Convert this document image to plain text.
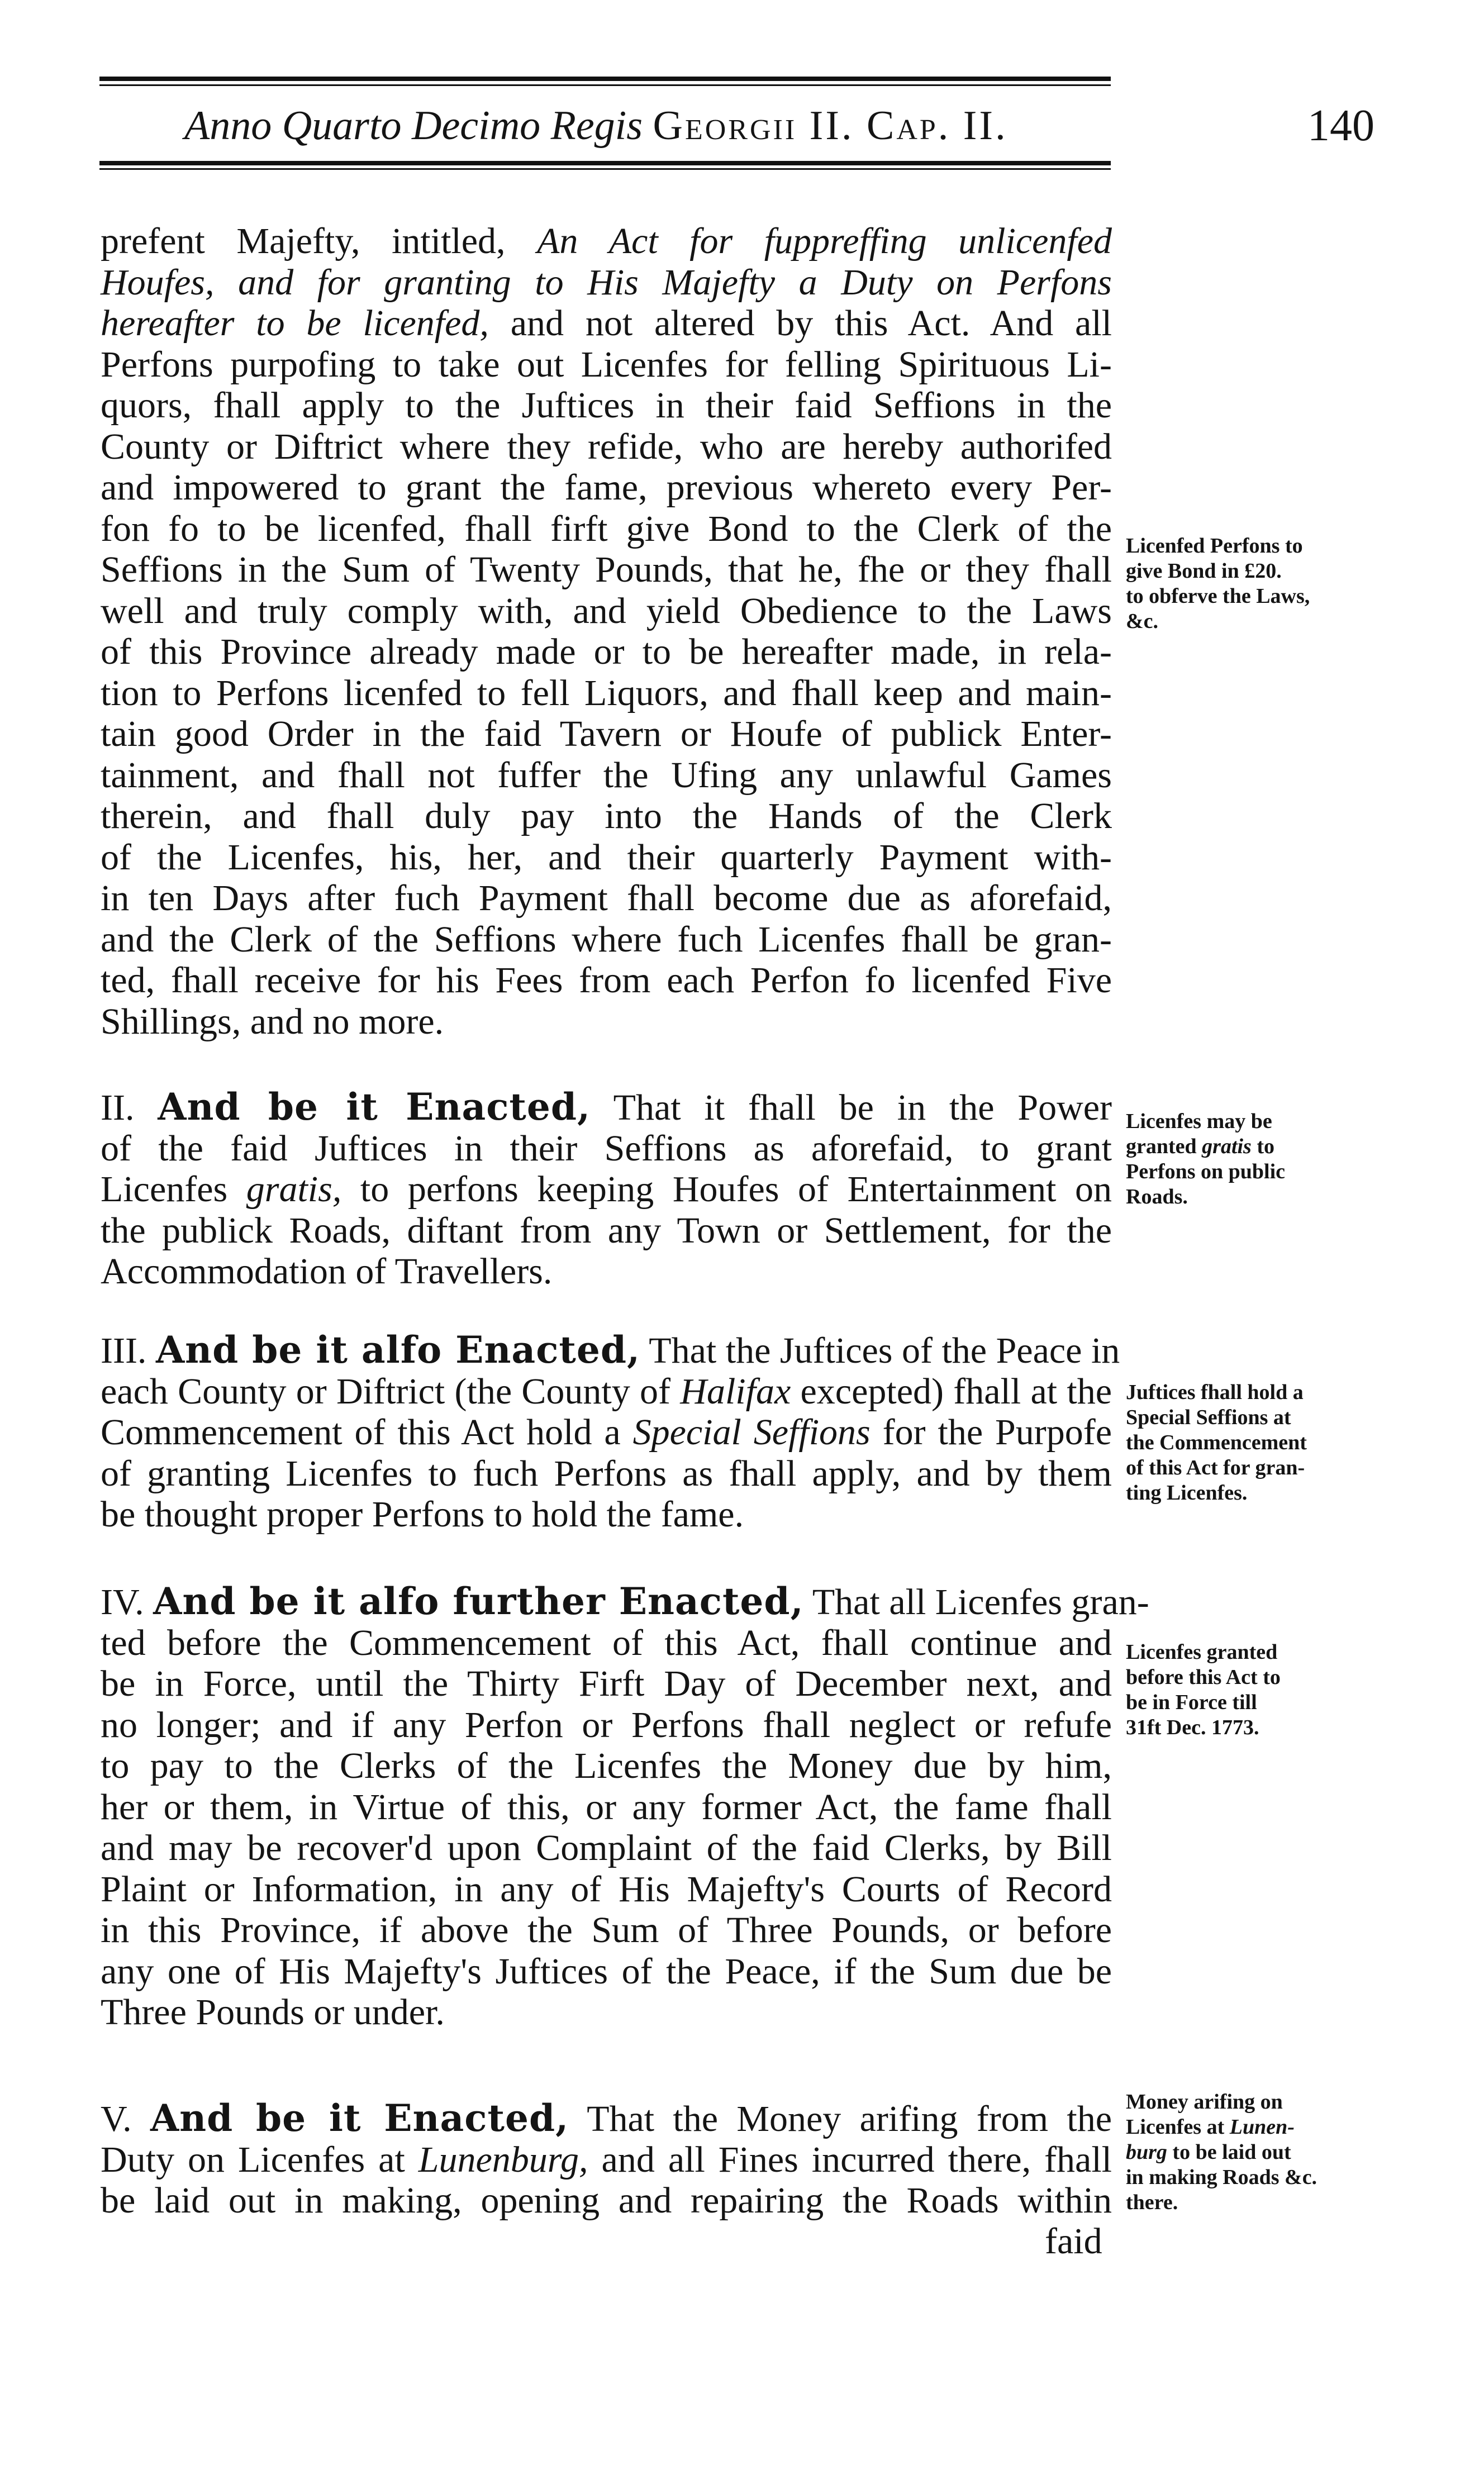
Anno Quarto Decimo Regis Georgii II. Cap. II.	140

prefent Majefty, intitled, An Act for fuppreffing unlicenfed
Houfes, and for granting to His Majefty a Duty on Perfons
hereafter to be licenfed, and not altered by this Act. And all
Perfons purpofing to take out Licenfes for felling Spirituous Li-
quors, fhall apply to the Juftices in their faid Seffions in the
County or Diftrict where they refide, who are hereby authorifed
and impowered to grant the fame, previous whereto every Per-
fon fo to be licenfed, fhall firft give Bond to the Clerk of the
Seffions in the Sum of Twenty Pounds, that he, fhe or they fhall
well and truly comply with, and yield Obedience to the Laws
of this Province already made or to be hereafter made, in rela-
tion to Perfons licenfed to fell Liquors, and fhall keep and main-
tain good Order in the faid Tavern or Houfe of publick Enter-
tainment, and fhall not fuffer the Ufing any unlawful Games
therein, and fhall duly pay into the Hands of the Clerk
of the Licenfes, his, her, and their quarterly Payment with-
in ten Days after fuch Payment fhall become due as aforefaid,
and the Clerk of the Seffions where fuch Licenfes fhall be gran-
ted, fhall receive for his Fees from each Perfon fo licenfed Five
Shillings, and no more.

II. And be it Enacted, That it fhall be in the Power
of the faid Juftices in their Seffions as aforefaid, to grant
Licenfes gratis, to perfons keeping Houfes of Entertainment on
the publick Roads, diftant from any Town or Settlement, for the
Accommodation of Travellers.

III. And be it alfo Enacted, That the Juftices of the Peace in
each County or Diftrict (the County of Halifax excepted) fhall at the
Commencement of this Act hold a Special Seffions for the Purpofe
of granting Licenfes to fuch Perfons as fhall apply, and by them
be thought proper Perfons to hold the fame.

IV. And be it alfo further Enacted, That all Licenfes gran-
ted before the Commencement of this Act, fhall continue and
be in Force, until the Thirty Firft Day of December next, and
no longer; and if any Perfon or Perfons fhall neglect or refufe
to pay to the Clerks of the Licenfes the Money due by him,
her or them, in Virtue of this, or any former Act, the fame fhall
and may be recover'd upon Complaint of the faid Clerks, by Bill
Plaint or Information, in any of His Majefty's Courts of Record
in this Province, if above the Sum of Three Pounds, or before
any one of His Majefty's Juftices of the Peace, if the Sum due be
Three Pounds or under.

V. And be it Enacted, That the Money arifing from the
Duty on Licenfes at Lunenburg, and all Fines incurred there, fhall
be laid out in making, opening and repairing the Roads within

faid
Licenfed Perfons to
give Bond in £20.
to obferve the Laws,
&c.
Licenfes may be
granted gratis to
Perfons on public
Roads.
Juftices fhall hold a
Special Seffions at
the Commencement
of this Act for gran-
ting Licenfes.
Licenfes granted
before this Act to
be in Force till
31ft Dec. 1773.
Money arifing on
Licenfes at Lunen-
burg to be laid out
in making Roads &c.
there.
